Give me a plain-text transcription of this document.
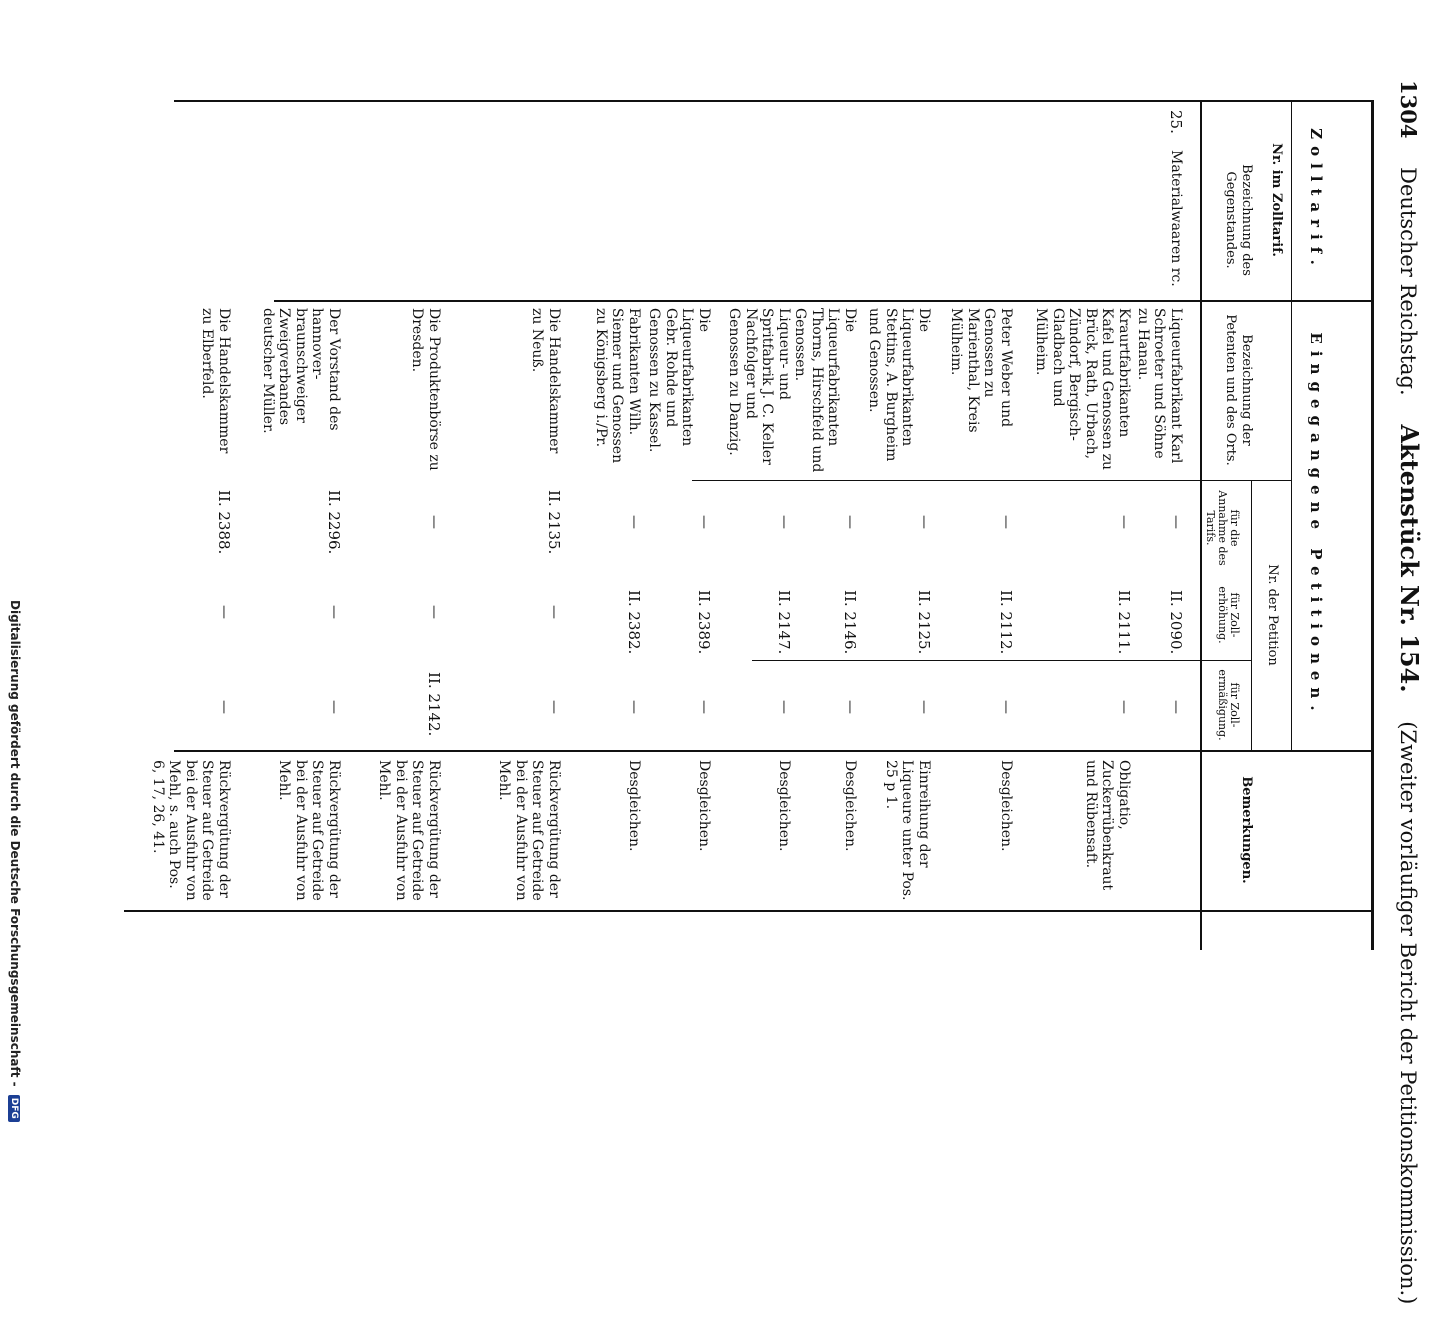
1304 Deutscher Reichstag. Aktenstück Nr. 154. (Zweiter vorläufiger Bericht der Petitionskommission.)
Zolltarif.
Nr. im Zolltarif.
Bezeichnung des Gegenstandes.
Eingegangene Petitionen.
Bezeichnung der Petenten und des Orts.
Nr. der Petition
für die Annahme des Tarifs.
für Zoll-erhöhung.
für Zoll-ermäßigung.
Bemerkungen.
25.
Materialwaaren rc.
Liqueurfabrikant Karl Schroeter und Söhne zu Hanau.
—
II. 2090.
—
Kraurtfabrikanten Kafel und Genossen zu Brück, Rath, Urbach, Zündorf, Bergisch-Gladbach und Mülheim.
—
II. 2111.
—
Obligatio, Zuckerrübenkraut und Rübensaft.
Peter Weber und Genossen zu Marienthal, Kreis Mülheim.
—
II. 2112.
—
Desgleichen.
Die Liqueurfabrikanten Stettins, A. Burgheim und Genossen.
—
II. 2125.
—
Einreihung der Liqueure unter Pos. 25 p 1.
Die Liqueurfabrikanten Thorns, Hirschfeld und Genossen.
—
II. 2146.
—
Desgleichen.
Liqueur- und Spritfabrik J. C. Keller Nachfolger und Genossen zu Danzig.
—
II. 2147.
—
Desgleichen.
Die Liqueurfabrikanten Gebr. Rohde und Genossen zu Kassel.
—
II. 2389.
—
Desgleichen.
Fabrikanten Wilh. Siemer und Genossen zu Königsberg i./Pr.
—
II. 2382.
—
Desgleichen.
Die Handelskammer zu Neuß.
II. 2135.
—
—
Rückvergütung der Steuer auf Getreide bei der Ausfuhr von Mehl.
Die Produktenbörse zu Dresden.
—
—
II. 2142.
Rückvergütung der Steuer auf Getreide bei der Ausfuhr von Mehl.
Der Vorstand des hannover-braunschweiger Zweigverbandes deutscher Müller.
II. 2296.
—
—
Rückvergütung der Steuer auf Getreide bei der Ausfuhr von Mehl.
Die Handelskammer zu Elberfeld.
II. 2388.
—
—
Rückvergütung der Steuer auf Getreide bei der Ausfuhr von Mehl, s. auch Pos. 6, 17, 26, 41.
Digitalisierung gefördert durch die Deutsche Forschungsgemeinschaft - DFG
